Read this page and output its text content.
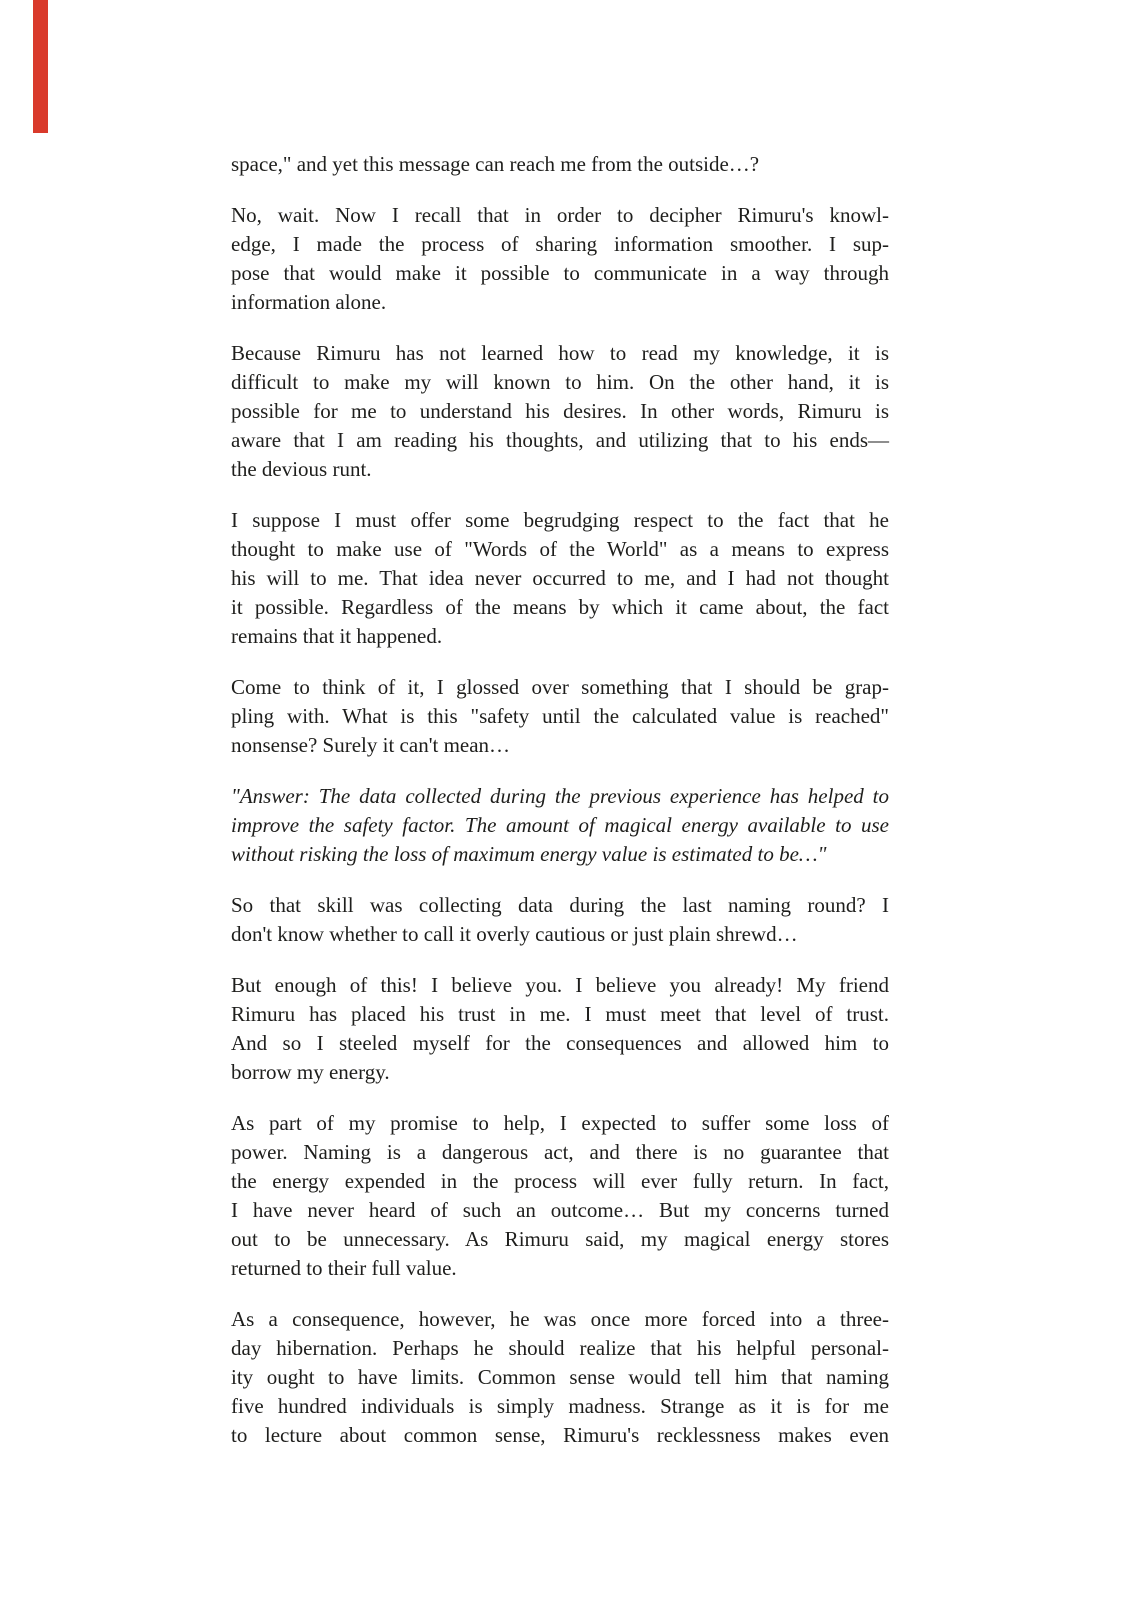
space," and yet this message can reach me from the outside…?
No, wait. Now I recall that in order to decipher Rimuru's knowl-
edge, I made the process of sharing information smoother. I sup-
pose that would make it possible to communicate in a way through
information alone.
Because Rimuru has not learned how to read my knowledge, it is
difficult to make my will known to him. On the other hand, it is
possible for me to understand his desires. In other words, Rimuru is
aware that I am reading his thoughts, and utilizing that to his ends—
the devious runt.
I suppose I must offer some begrudging respect to the fact that he
thought to make use of "Words of the World" as a means to express
his will to me. That idea never occurred to me, and I had not thought
it possible. Regardless of the means by which it came about, the fact
remains that it happened.
Come to think of it, I glossed over something that I should be grap-
pling with. What is this "safety until the calculated value is reached"
nonsense? Surely it can't mean…
"Answer: The data collected during the previous experience has helped to
improve the safety factor. The amount of magical energy available to use
without risking the loss of maximum energy value is estimated to be…"
So that skill was collecting data during the last naming round? I
don't know whether to call it overly cautious or just plain shrewd…
But enough of this! I believe you. I believe you already! My friend
Rimuru has placed his trust in me. I must meet that level of trust.
And so I steeled myself for the consequences and allowed him to
borrow my energy.
As part of my promise to help, I expected to suffer some loss of
power. Naming is a dangerous act, and there is no guarantee that
the energy expended in the process will ever fully return. In fact,
I have never heard of such an outcome… But my concerns turned
out to be unnecessary. As Rimuru said, my magical energy stores
returned to their full value.
As a consequence, however, he was once more forced into a three-
day hibernation. Perhaps he should realize that his helpful personal-
ity ought to have limits. Common sense would tell him that naming
five hundred individuals is simply madness. Strange as it is for me
to lecture about common sense, Rimuru's recklessness makes even
